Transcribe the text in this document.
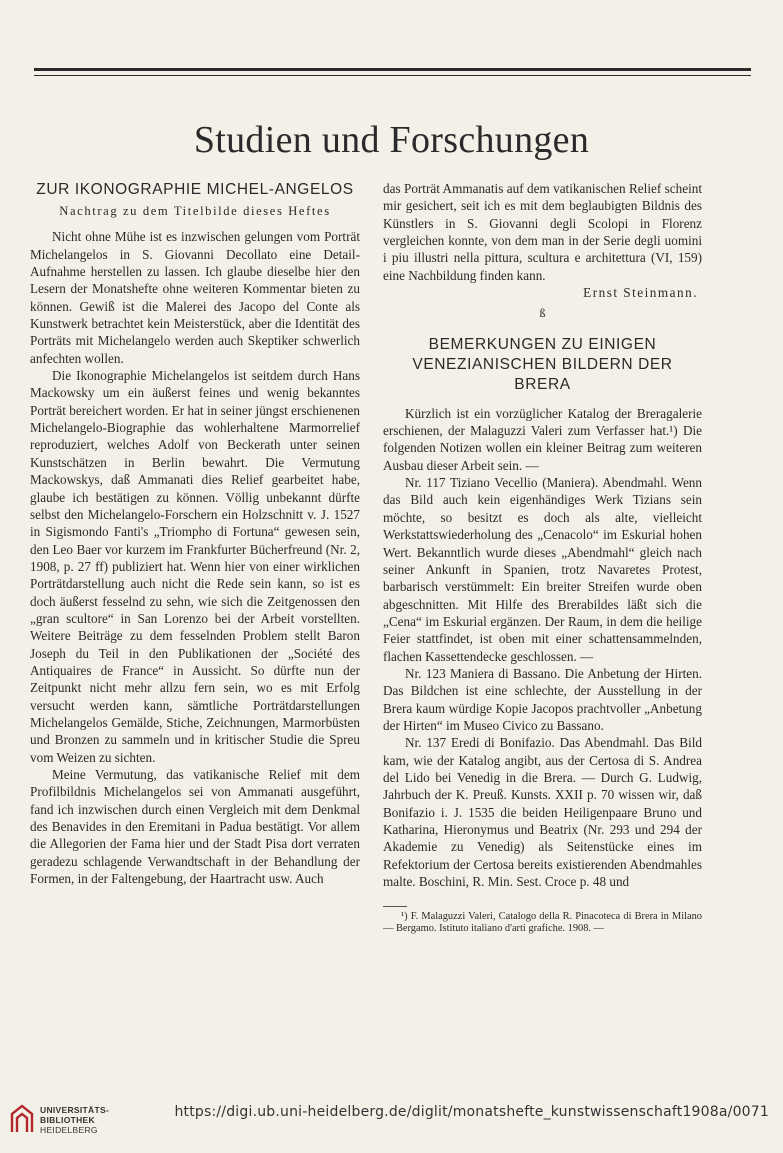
Studien und Forschungen
ZUR IKONOGRAPHIE MICHEL-ANGELOS
Nachtrag zu dem Titelbilde dieses Heftes

Nicht ohne Mühe ist es inzwischen gelungen vom Porträt Michelangelos in S. Giovanni Decollato eine Detail-Aufnahme herstellen zu lassen. Ich glaube dieselbe hier den Lesern der Monatshefte ohne weiteren Kommentar bieten zu können. Gewiß ist die Malerei des Jacopo del Conte als Kunstwerk betrachtet kein Meisterstück, aber die Identität des Porträts mit Michelangelo werden auch Skeptiker schwerlich anfechten wollen.

Die Ikonographie Michelangelos ist seitdem durch Hans Mackowsky um ein äußerst feines und wenig bekanntes Porträt bereichert worden. Er hat in seiner jüngst erschienenen Michelangelo-Biographie das wohlerhaltene Marmorrelief reproduziert, welches Adolf von Beckerath unter seinen Kunstschätzen in Berlin bewahrt. Die Vermutung Mackowskys, daß Ammanati dies Relief gearbeitet habe, glaube ich bestätigen zu können. Völlig unbekannt dürfte selbst den Michelangelo-Forschern ein Holzschnitt v. J. 1527 in Sigismondo Fanti's „Triompho di Fortuna“ gewesen sein, den Leo Baer vor kurzem im Frankfurter Bücherfreund (Nr. 2, 1908, p. 27 ff) publiziert hat. Wenn hier von einer wirklichen Porträtdarstellung auch nicht die Rede sein kann, so ist es doch äußerst fesselnd zu sehn, wie sich die Zeitgenossen den „gran scultore“ in San Lorenzo bei der Arbeit vorstellten. Weitere Beiträge zu dem fesselnden Problem stellt Baron Joseph du Teil in den Publikationen der „Société des Antiquaires de France“ in Aussicht. So dürfte nun der Zeitpunkt nicht mehr allzu fern sein, wo es mit Erfolg versucht werden kann, sämtliche Porträtdarstellungen Michelangelos Gemälde, Stiche, Zeichnungen, Marmorbüsten und Bronzen zu sammeln und in kritischer Studie die Spreu vom Weizen zu sichten.

Meine Vermutung, das vatikanische Relief mit dem Profilbildnis Michelangelos sei von Ammanati ausgeführt, fand ich inzwischen durch einen Vergleich mit dem Denkmal des Benavides in den Eremitani in Padua bestätigt. Vor allem die Allegorien der Fama hier und der Stadt Pisa dort verraten geradezu schlagende Verwandtschaft in der Behandlung der Formen, in der Faltengebung, der Haartracht usw. Auch

das Porträt Ammanatis auf dem vatikanischen Relief scheint mir gesichert, seit ich es mit dem beglaubigten Bildnis des Künstlers in S. Giovanni degli Scolopi in Florenz vergleichen konnte, von dem man in der Serie degli uomini i piu illustri nella pittura, scultura e architettura (VI, 159) eine Nachbildung finden kann.

Ernst Steinmann.
ß
BEMERKUNGEN ZU EINIGEN VENEZIANISCHEN BILDERN DER BRERA

Kürzlich ist ein vorzüglicher Katalog der Breragalerie erschienen, der Malaguzzi Valeri zum Verfasser hat.¹) Die folgenden Notizen wollen ein kleiner Beitrag zum weiteren Ausbau dieser Arbeit sein. —

Nr. 117 Tiziano Vecellio (Maniera). Abendmahl. Wenn das Bild auch kein eigenhändiges Werk Tizians sein möchte, so besitzt es doch als alte, vielleicht Werkstattswiederholung des „Cenacolo“ im Eskurial hohen Wert. Bekanntlich wurde dieses „Abendmahl“ gleich nach seiner Ankunft in Spanien, trotz Navaretes Protest, barbarisch verstümmelt: Ein breiter Streifen wurde oben abgeschnitten. Mit Hilfe des Brerabildes läßt sich die „Cena“ im Eskurial ergänzen. Der Raum, in dem die heilige Feier stattfindet, ist oben mit einer schattensammelnden, flachen Kassettendecke geschlossen. —

Nr. 123 Maniera di Bassano. Die Anbetung der Hirten. Das Bildchen ist eine schlechte, der Ausstellung in der Brera kaum würdige Kopie Jacopos prachtvoller „Anbetung der Hirten“ im Museo Civico zu Bassano.

Nr. 137 Eredi di Bonifazio. Das Abendmahl. Das Bild kam, wie der Katalog angibt, aus der Certosa di S. Andrea del Lido bei Venedig in die Brera. — Durch G. Ludwig, Jahrbuch der K. Preuß. Kunsts. XXII p. 70 wissen wir, daß Bonifazio i. J. 1535 die beiden Heiligenpaare Bruno und Katharina, Hieronymus und Beatrix (Nr. 293 und 294 der Akademie zu Venedig) als Seitenstücke eines im Refektorium der Certosa bereits existierenden Abendmahles malte. Boschini, R. Min. Sest. Croce p. 48 und

¹) F. Malaguzzi Valeri, Catalogo della R. Pinacoteca di Brera in Milano — Bergamo. Istituto italiano d'arti grafiche. 1908. —

UNIVERSITÄTS-
BIBLIOTHEK
HEIDELBERG
https://digi.ub.uni-heidelberg.de/diglit/monatshefte_kunstwissenschaft1908a/0071
